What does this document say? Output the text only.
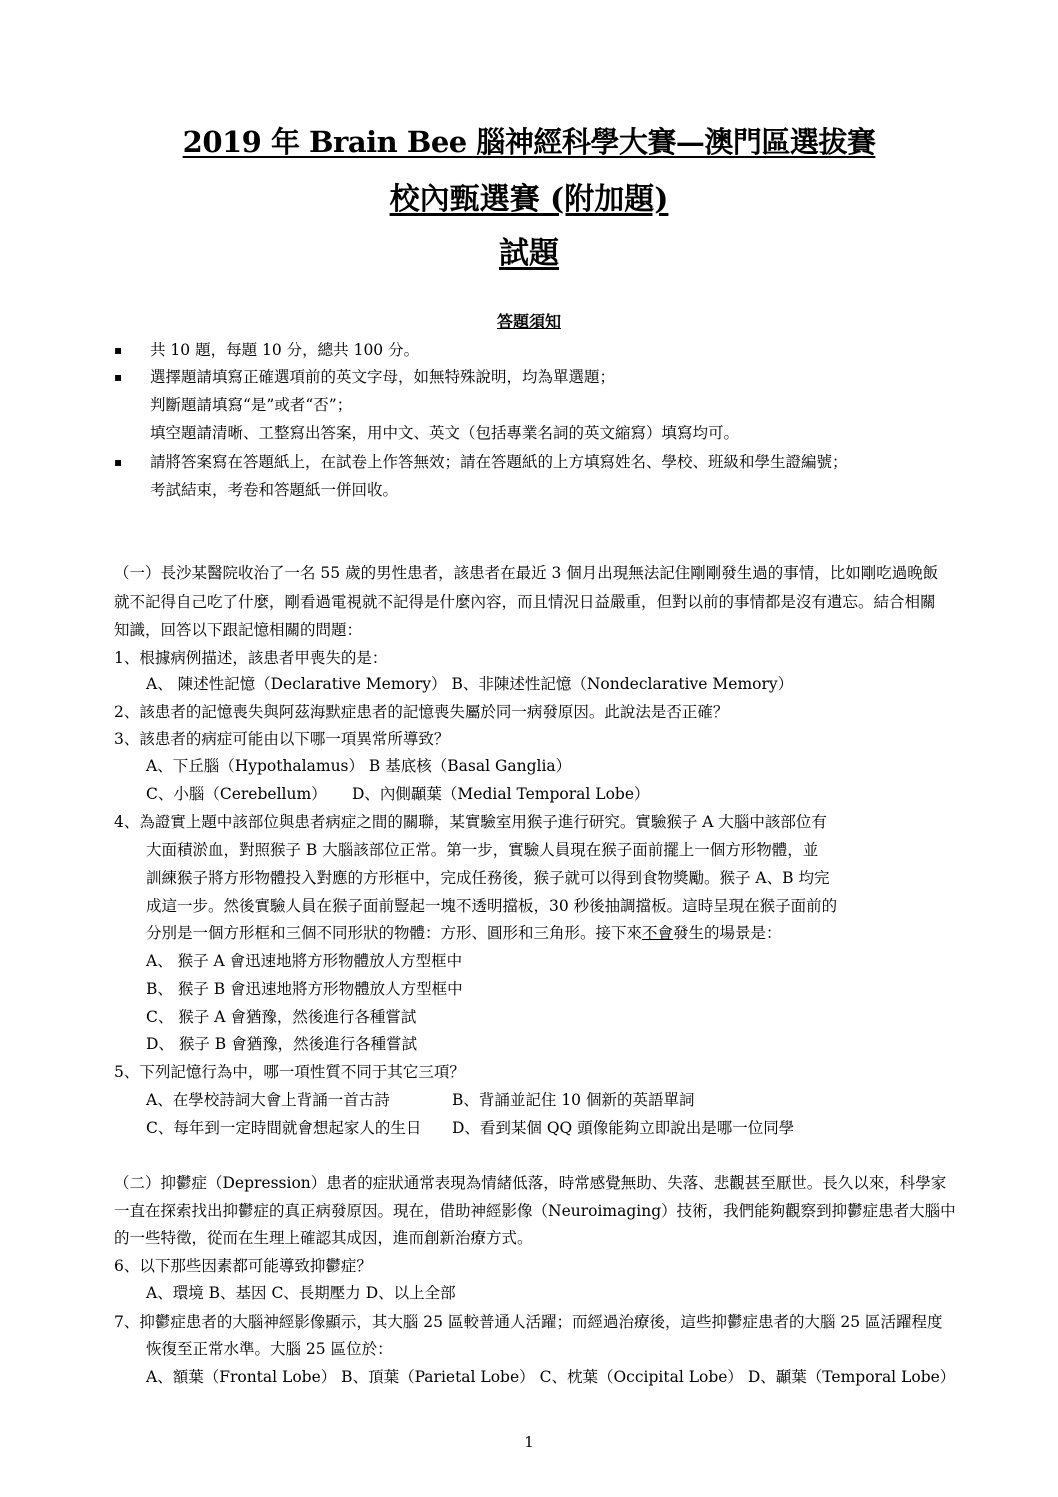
2019 年 Brain Bee 腦神經科學大賽—澳門區選拔賽
校內甄選賽 (附加題)
試題
答題須知
▪ 共 10 題，每題 10 分，總共 100 分。
▪ 選擇題請填寫正確選項前的英文字母，如無特殊說明，均為單選題；
判斷題請填寫“是”或者“否”；
填空題請清晰、工整寫出答案，用中文、英文（包括專業名詞的英文縮寫）填寫均可。
▪ 請將答案寫在答題紙上，在試卷上作答無效；請在答題紙的上方填寫姓名、學校、班級和學生證編號；
考試結束，考卷和答題紙一併回收。
（一）長沙某醫院收治了一名 55 歲的男性患者，該患者在最近 3 個月出現無法記住剛剛發生過的事情，比如剛吃過晚飯
就不記得自己吃了什麼，剛看過電視就不記得是什麼內容，而且情況日益嚴重，但對以前的事情都是沒有遺忘。結合相關
知識，回答以下跟記憶相關的問題：
1、根據病例描述，該患者甲喪失的是：
A、 陳述性記憶（Declarative Memory） B、非陳述性記憶（Nondeclarative Memory）
2、該患者的記憶喪失與阿茲海默症患者的記憶喪失屬於同一病發原因。此說法是否正確？
3、該患者的病症可能由以下哪一項異常所導致？
A、下丘腦（Hypothalamus） B 基底核（Basal Ganglia）
C、小腦（Cerebellum） D、內側顳葉（Medial Temporal Lobe）
4、為證實上題中該部位與患者病症之間的關聯，某實驗室用猴子進行研究。實驗猴子 A 大腦中該部位有
大面積淤血，對照猴子 B 大腦該部位正常。第一步，實驗人員現在猴子面前擺上一個方形物體，並
訓練猴子將方形物體投入對應的方形框中，完成任務後，猴子就可以得到食物獎勵。猴子 A、B 均完
成這一步。然後實驗人員在猴子面前豎起一塊不透明擋板，30 秒後抽調擋板。這時呈現在猴子面前的
分別是一個方形框和三個不同形狀的物體：方形、圓形和三角形。接下來不會發生的場景是：
A、 猴子 A 會迅速地將方形物體放人方型框中
B、 猴子 B 會迅速地將方形物體放人方型框中
C、 猴子 A 會猶豫，然後進行各種嘗試
D、 猴子 B 會猶豫，然後進行各種嘗試
5、下列記憶行為中，哪一項性質不同于其它三項？
A、在學校詩詞大會上背誦一首古詩	B、背誦並記住 10 個新的英語單詞
C、每年到一定時間就會想起家人的生日 D、看到某個 QQ 頭像能夠立即說出是哪一位同學
（二）抑鬱症（Depression）患者的症狀通常表現為情緒低落，時常感覺無助、失落、悲觀甚至厭世。長久以來，科學家
一直在探索找出抑鬱症的真正病發原因。現在，借助神經影像（Neuroimaging）技術，我們能夠觀察到抑鬱症患者大腦中
的一些特徵，從而在生理上確認其成因，進而創新治療方式。
6、以下那些因素都可能導致抑鬱症？
A、環境 B、基因 C、長期壓力 D、以上全部
7、抑鬱症患者的大腦神經影像顯示，其大腦 25 區較普通人活躍；而經過治療後，這些抑鬱症患者的大腦 25 區活躍程度
恢復至正常水準。大腦 25 區位於：
A、額葉（Frontal Lobe） B、頂葉（Parietal Lobe） C、枕葉（Occipital Lobe） D、顳葉（Temporal Lobe）
1
